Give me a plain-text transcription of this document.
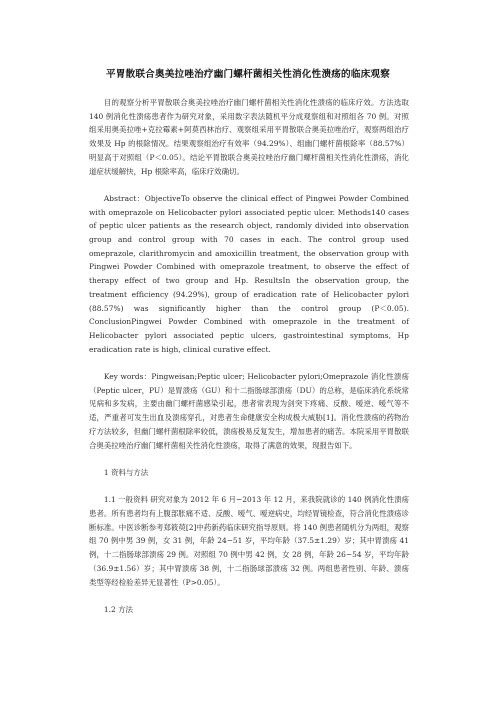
平胃散联合奥美拉唑治疗幽门螺杆菌相关性消化性溃疡的临床观察

目的观察分析平胃散联合奥美拉唑治疗幽门螺杆菌相关性消化性溃疡的临床疗效。方法选取 140 例消化性溃疡患者作为研究对象，采用数字表法随机平分成观察组和对照组各 70 例。对照组采用奥美拉唑+克拉霉素+阿莫西林治疗、观察组采用平胃散联合奥美拉唑治疗，观察两组治疗效果及 Hp 的根除情况。结果观察组治疗有效率（94.29%）、组幽门螺杆菌根除率（88.57%）明显高于对照组（P＜0.05）。结论平胃散联合奥美拉唑治疗幽门螺杆菌相关性消化性溃疡，消化道症状缓解快，Hp 根除率高，临床疗效确切。

Abstract：ObjectiveTo observe the clinical effect of Pingwei Powder Combined with omeprazole on Helicobacter pylori associated peptic ulcer. Methods140 cases of peptic ulcer patients as the research object, randomly divided into observation group and control group with 70 cases in each. The control group used omeprazole, clarithromycin and amoxicillin treatment, the observation group with Pingwei Powder Combined with omeprazole treatment, to observe the effect of therapy effect of two group and Hp. ResultsIn the observation group, the treatment efficiency (94.29%), group of eradication rate of Helicobacter pylori (88.57%) was significantly higher than the control group (P＜0.05). ConclusionPingwei Powder Combined with omeprazole in the treatment of Helicobacter pylori associated peptic ulcers, gastrointestinal symptoms, Hp eradication rate is high, clinical curative effect.

Key words：Pingweisan;Peptic ulcer; Helicobacter pylori;Omeprazole 消化性溃疡（Peptic ulcer，PU）是胃溃疡（GU）和十二指肠球部溃疡（DU）的总称，是临床消化系统常见病和多发病，主要由幽门螺杆菌感染引起，患者常表现为剑突下疼痛、反酸、嗳逆、嗳气等不适，严重者可发生出血及溃疡穿孔，对患者生命健康安全构成极大威胁[1]。消化性溃疡的药物治疗方法较多，但幽门螺杆菌根除率较低，溃疡极易反复发生，增加患者的痛苦。本院采用平胃散联合奥美拉唑治疗幽门螺杆菌相关性消化性溃疡，取得了满意的效果，现报告如下。

1 资料与方法

1.1 一般资料 研究对象为 2012 年 6 月−2013 年 12 月，来我院就诊的 140 例消化性溃疡患者。所有患者均有上腹部胀痛不适、反酸、嗳气、嗳逆病史，均经胃镜检查，符合消化性溃疡诊断标准。中医诊断参考郑筱萸[2]中药新药临床研究指导原则。将 140 例患者随机分为两组，观察组 70 例中男 39 例，女 31 例，年龄 24−51 岁，平均年龄（37.5±1.29）岁；其中胃溃疡 41 例，十二指肠球部溃疡 29 例。对照组 70 例中男 42 例，女 28 例，年龄 26−54 岁，平均年龄（36.9±1.56）岁；其中胃溃疡 38 例，十二指肠球部溃疡 32 例。两组患者性别、年龄、溃疡类型等经检验差异无显著性（P>0.05）。

1.2 方法
